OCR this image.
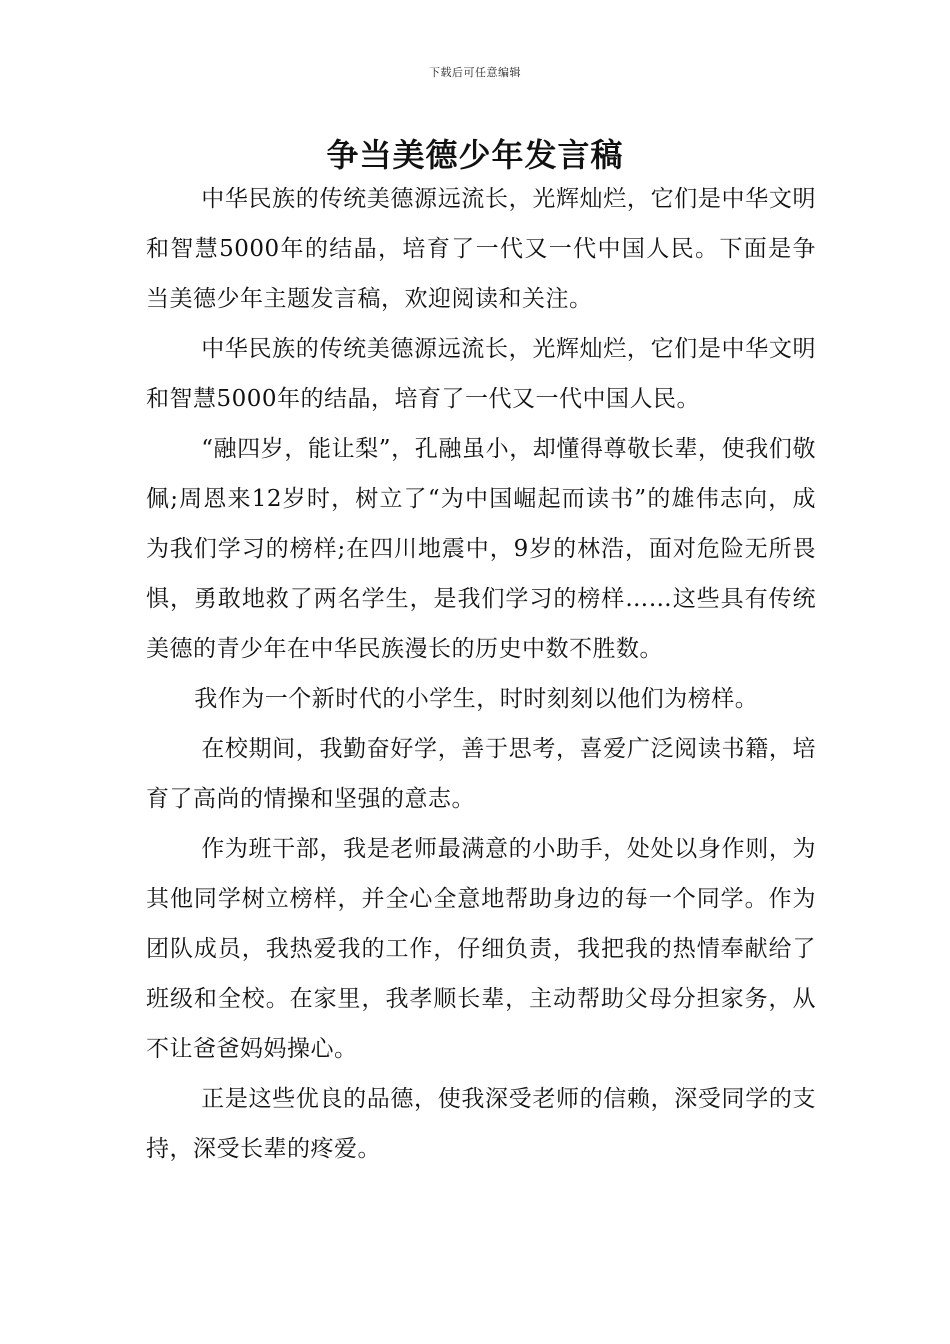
下载后可任意编辑
争当美德少年发言稿

中华民族的传统美德源远流长，光辉灿烂，它们是中华文明和智慧5000年的结晶，培育了一代又一代中国人民。下面是争当美德少年主题发言稿，欢迎阅读和关注。

中华民族的传统美德源远流长，光辉灿烂，它们是中华文明和智慧5000年的结晶，培育了一代又一代中国人民。

“融四岁，能让梨”，孔融虽小，却懂得尊敬长辈，使我们敬佩;周恩来12岁时，树立了“为中国崛起而读书”的雄伟志向，成为我们学习的榜样;在四川地震中，9岁的林浩，面对危险无所畏惧，勇敢地救了两名学生，是我们学习的榜样……这些具有传统美德的青少年在中华民族漫长的历史中数不胜数。

我作为一个新时代的小学生，时时刻刻以他们为榜样。

在校期间，我勤奋好学，善于思考，喜爱广泛阅读书籍，培育了高尚的情操和坚强的意志。

作为班干部，我是老师最满意的小助手，处处以身作则，为其他同学树立榜样，并全心全意地帮助身边的每一个同学。作为团队成员，我热爱我的工作，仔细负责，我把我的热情奉献给了班级和全校。在家里，我孝顺长辈，主动帮助父母分担家务，从不让爸爸妈妈操心。

正是这些优良的品德，使我深受老师的信赖，深受同学的支持，深受长辈的疼爱。
